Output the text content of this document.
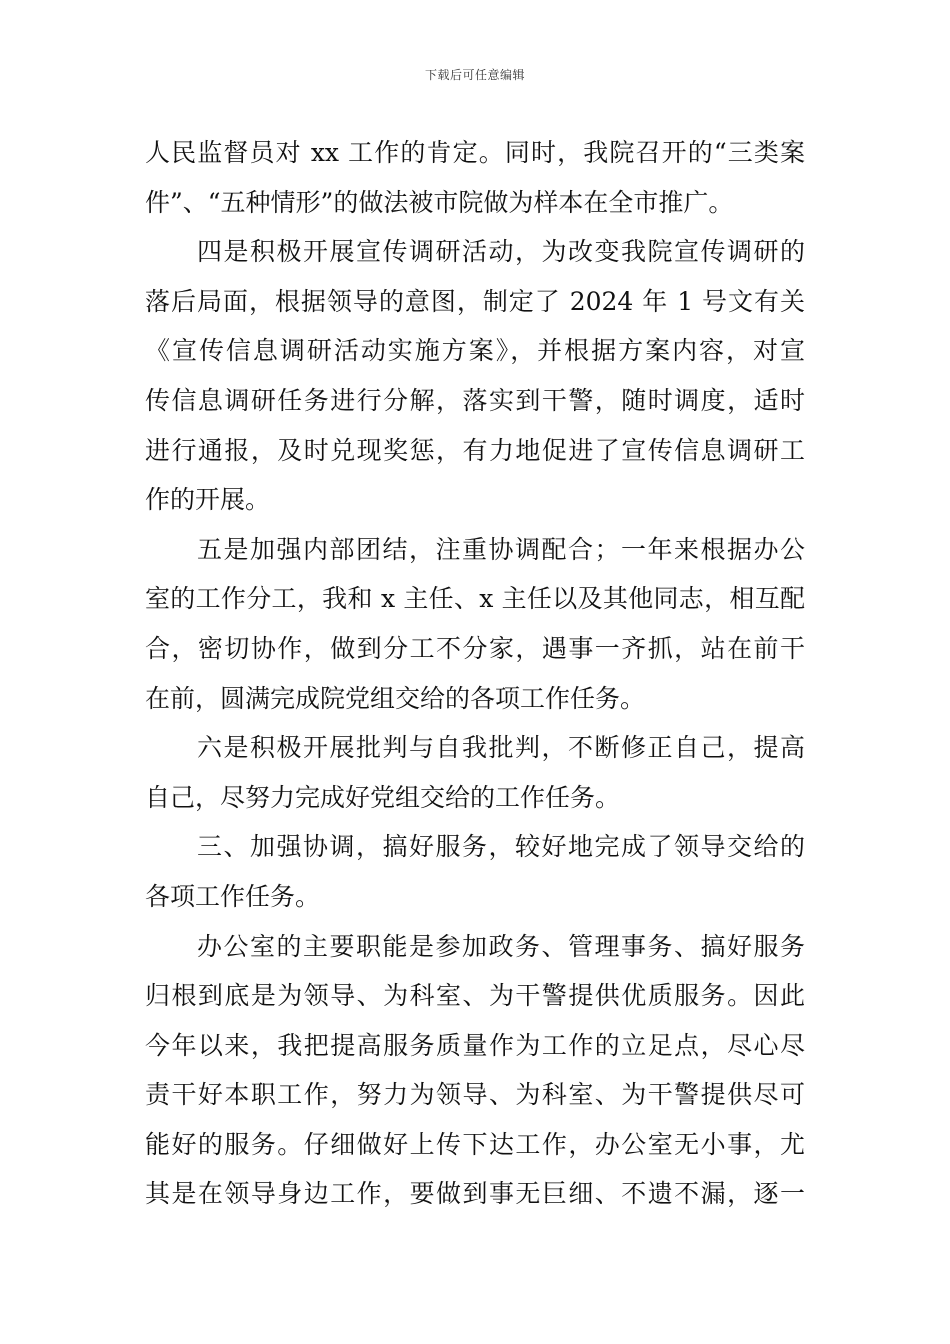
下载后可任意编辑
人民监督员对 xx 工作的肯定。同时，我院召开的“三类案
件”、“五种情形”的做法被市院做为样本在全市推广。
四是积极开展宣传调研活动，为改变我院宣传调研的
落后局面，根据领导的意图，制定了 2024 年 1 号文有关
《宣传信息调研活动实施方案》，并根据方案内容，对宣
传信息调研任务进行分解，落实到干警，随时调度，适时
进行通报，及时兑现奖惩，有力地促进了宣传信息调研工
作的开展。
五是加强内部团结，注重协调配合；一年来根据办公
室的工作分工，我和 x 主任、x 主任以及其他同志，相互配
合，密切协作，做到分工不分家，遇事一齐抓，站在前干
在前，圆满完成院党组交给的各项工作任务。
六是积极开展批判与自我批判，不断修正自己，提高
自己，尽努力完成好党组交给的工作任务。
三、加强协调，搞好服务，较好地完成了领导交给的
各项工作任务。
办公室的主要职能是参加政务、管理事务、搞好服务
归根到底是为领导、为科室、为干警提供优质服务。因此
今年以来，我把提高服务质量作为工作的立足点，尽心尽
责干好本职工作，努力为领导、为科室、为干警提供尽可
能好的服务。仔细做好上传下达工作，办公室无小事，尤
其是在领导身边工作，要做到事无巨细、不遗不漏，逐一
